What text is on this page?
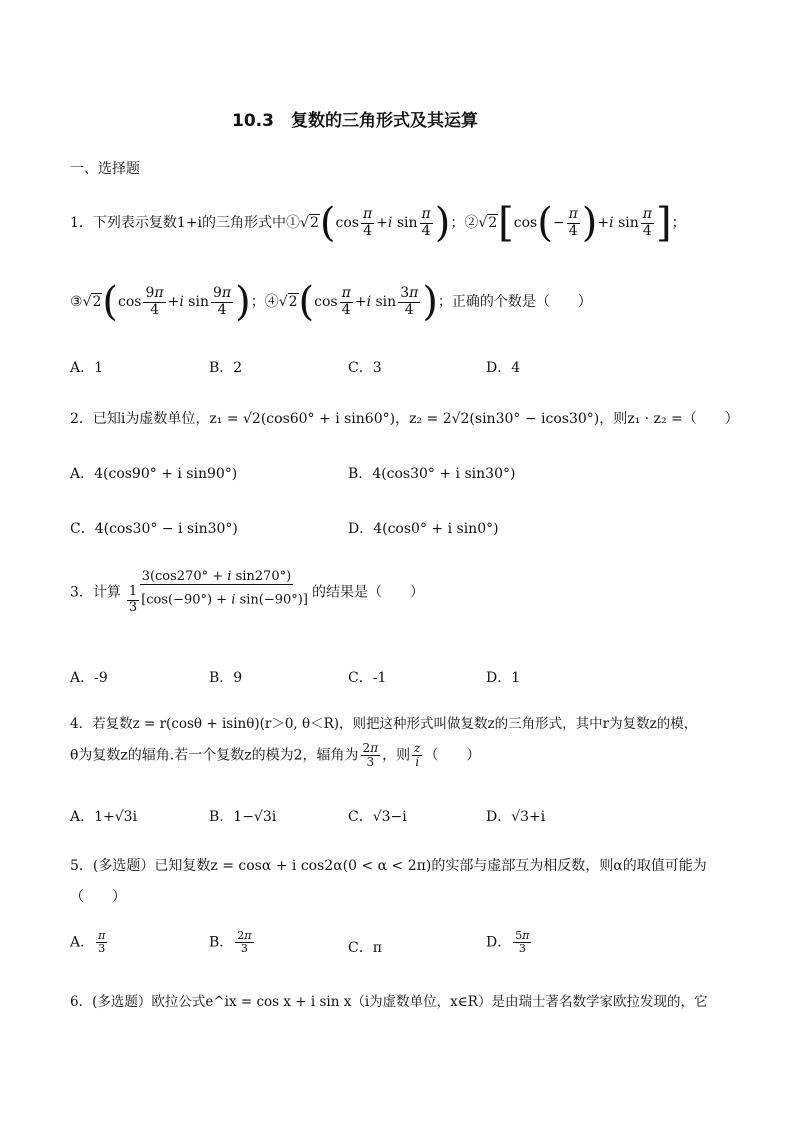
10.3　复数的三角形式及其运算
一、选择题
1．下列表示复数1+i的三角形式中①√2(cos $\frac{\pi}{4} +i$ $\sin \frac{\pi}{4}$ )；②√2[cos(− $\frac{\pi}{4} )+i$ $\sin \frac{\pi}{4}$ ]；
③√2(cos $\frac{9\pi}{4} +i$ $\sin \frac{9\pi}{4}$ )；④√2(cos $\frac{\pi}{4} +i$ $\sin \frac{3\pi}{4}$ )；正确的个数是（　　）
A．1	B．2	C．3	D．4
2．已知i为虚数单位，z₁ = √2(cos60° + i sin60°)，z₂ = 2√2(sin30° − icos30°)，则z₁ · z₂ =（　　）
A．4(cos90° + i sin90°)	B．4(cos30° + i sin30°)
C．4(cos30° − i sin30°)	D．4(cos0° + i sin0°)
3．计算 $\frac{\text{3(cos270° + i sin270°)}}{\frac{1}{3} [\cos(-90^\circ) + i \sin(-90^\circ)]}$ 的结果是（　　）
A．-9	B．9	C．-1	D．1
4．若复数z = r(cosθ + isinθ)(r＞0, θ＜R)，则把这种形式叫做复数z的三角形式，其中r为复数z的模，
θ为复数z的辐角.若一个复数z的模为2，辐角为 $\frac{2\pi}{3}$ ，则 $\frac{z}{i}$ （　　）
A．1+√3i	B．1−√3i	C．√3−i	D．√3+i
5．(多选题）已知复数z = cosα + i cos2α(0 < α < 2π)的实部与虚部互为相反数，则α的取值可能为
（　　）
A． $\frac{\pi}{3}$	B． $\frac{2\pi}{3}$	C．π	D． $\frac{5\pi}{3}$
6．(多选题）欧拉公式e^ix = cos x + i sin x（i为虚数单位，x∈R）是由瑞士著名数学家欧拉发现的，它
